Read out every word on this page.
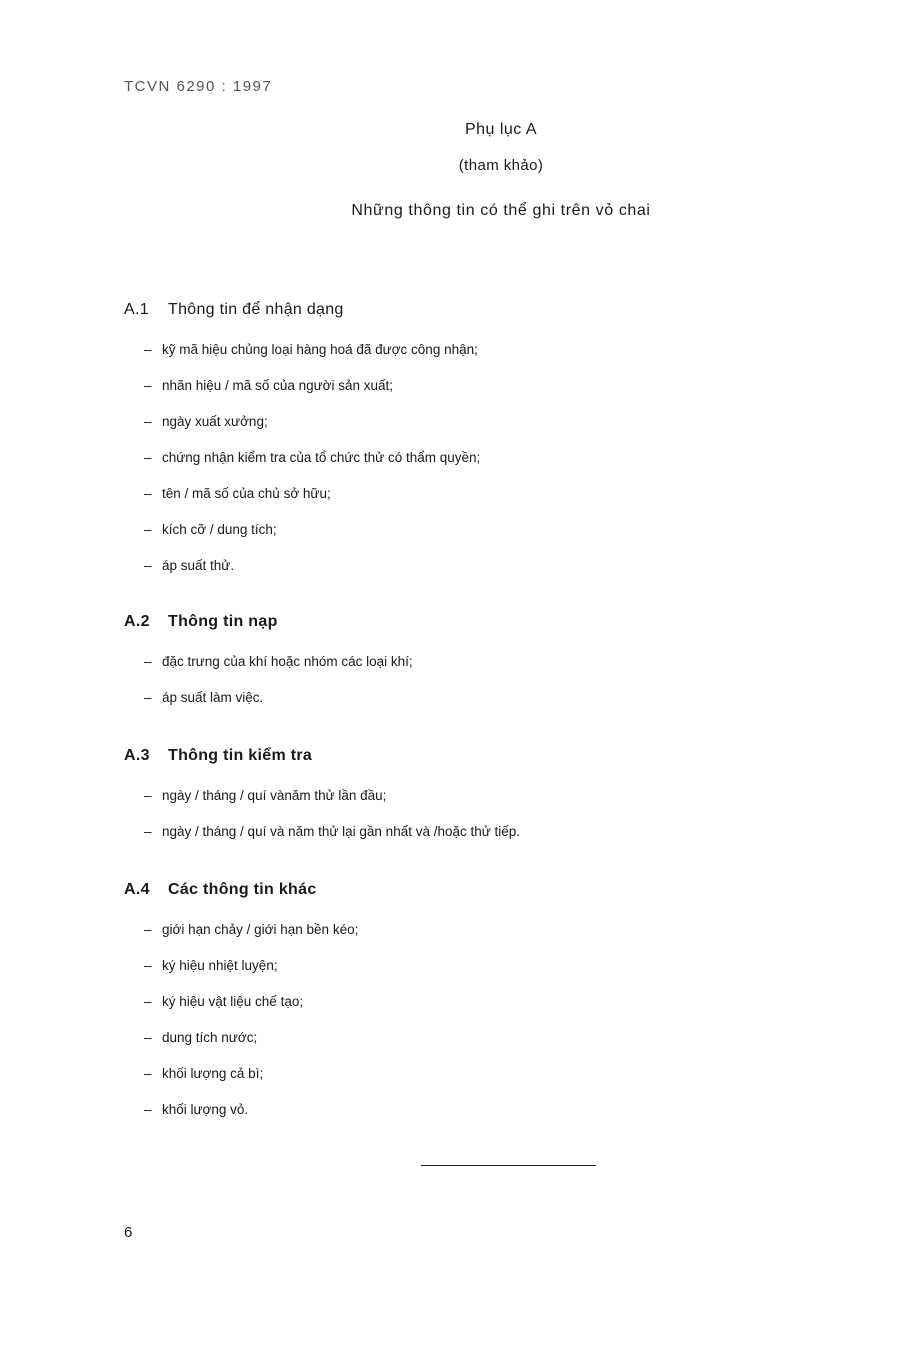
TCVN 6290 : 1997
Phụ lục A
(tham khảo)
Những thông tin có thể ghi trên vỏ chai
A.1 Thông tin để nhận dạng
– kỹ mã hiệu chủng loại hàng hoá đã được công nhận;
– nhãn hiệu / mã số của người sản xuất;
– ngày xuất xưởng;
– chứng nhận kiểm tra của tổ chức thử có thẩm quyền;
– tên / mã số của chủ sở hữu;
– kích cỡ / dung tích;
– áp suất thử.
A.2 Thông tin nạp
– đặc trưng của khí hoặc nhóm các loại khí;
– áp suất làm việc.
A.3 Thông tin kiểm tra
– ngày / tháng / quí vànăm thử lần đầu;
– ngày / tháng / quí và năm thử lại gần nhất và /hoặc thử tiếp.
A.4 Các thông tin khác
– giới hạn chảy / giới hạn bền kéo;
– ký hiệu nhiệt luyện;
– ký hiệu vật liệu chế tạo;
– dung tích nước;
– khối lượng cả bì;
– khối lượng vỏ.
6
